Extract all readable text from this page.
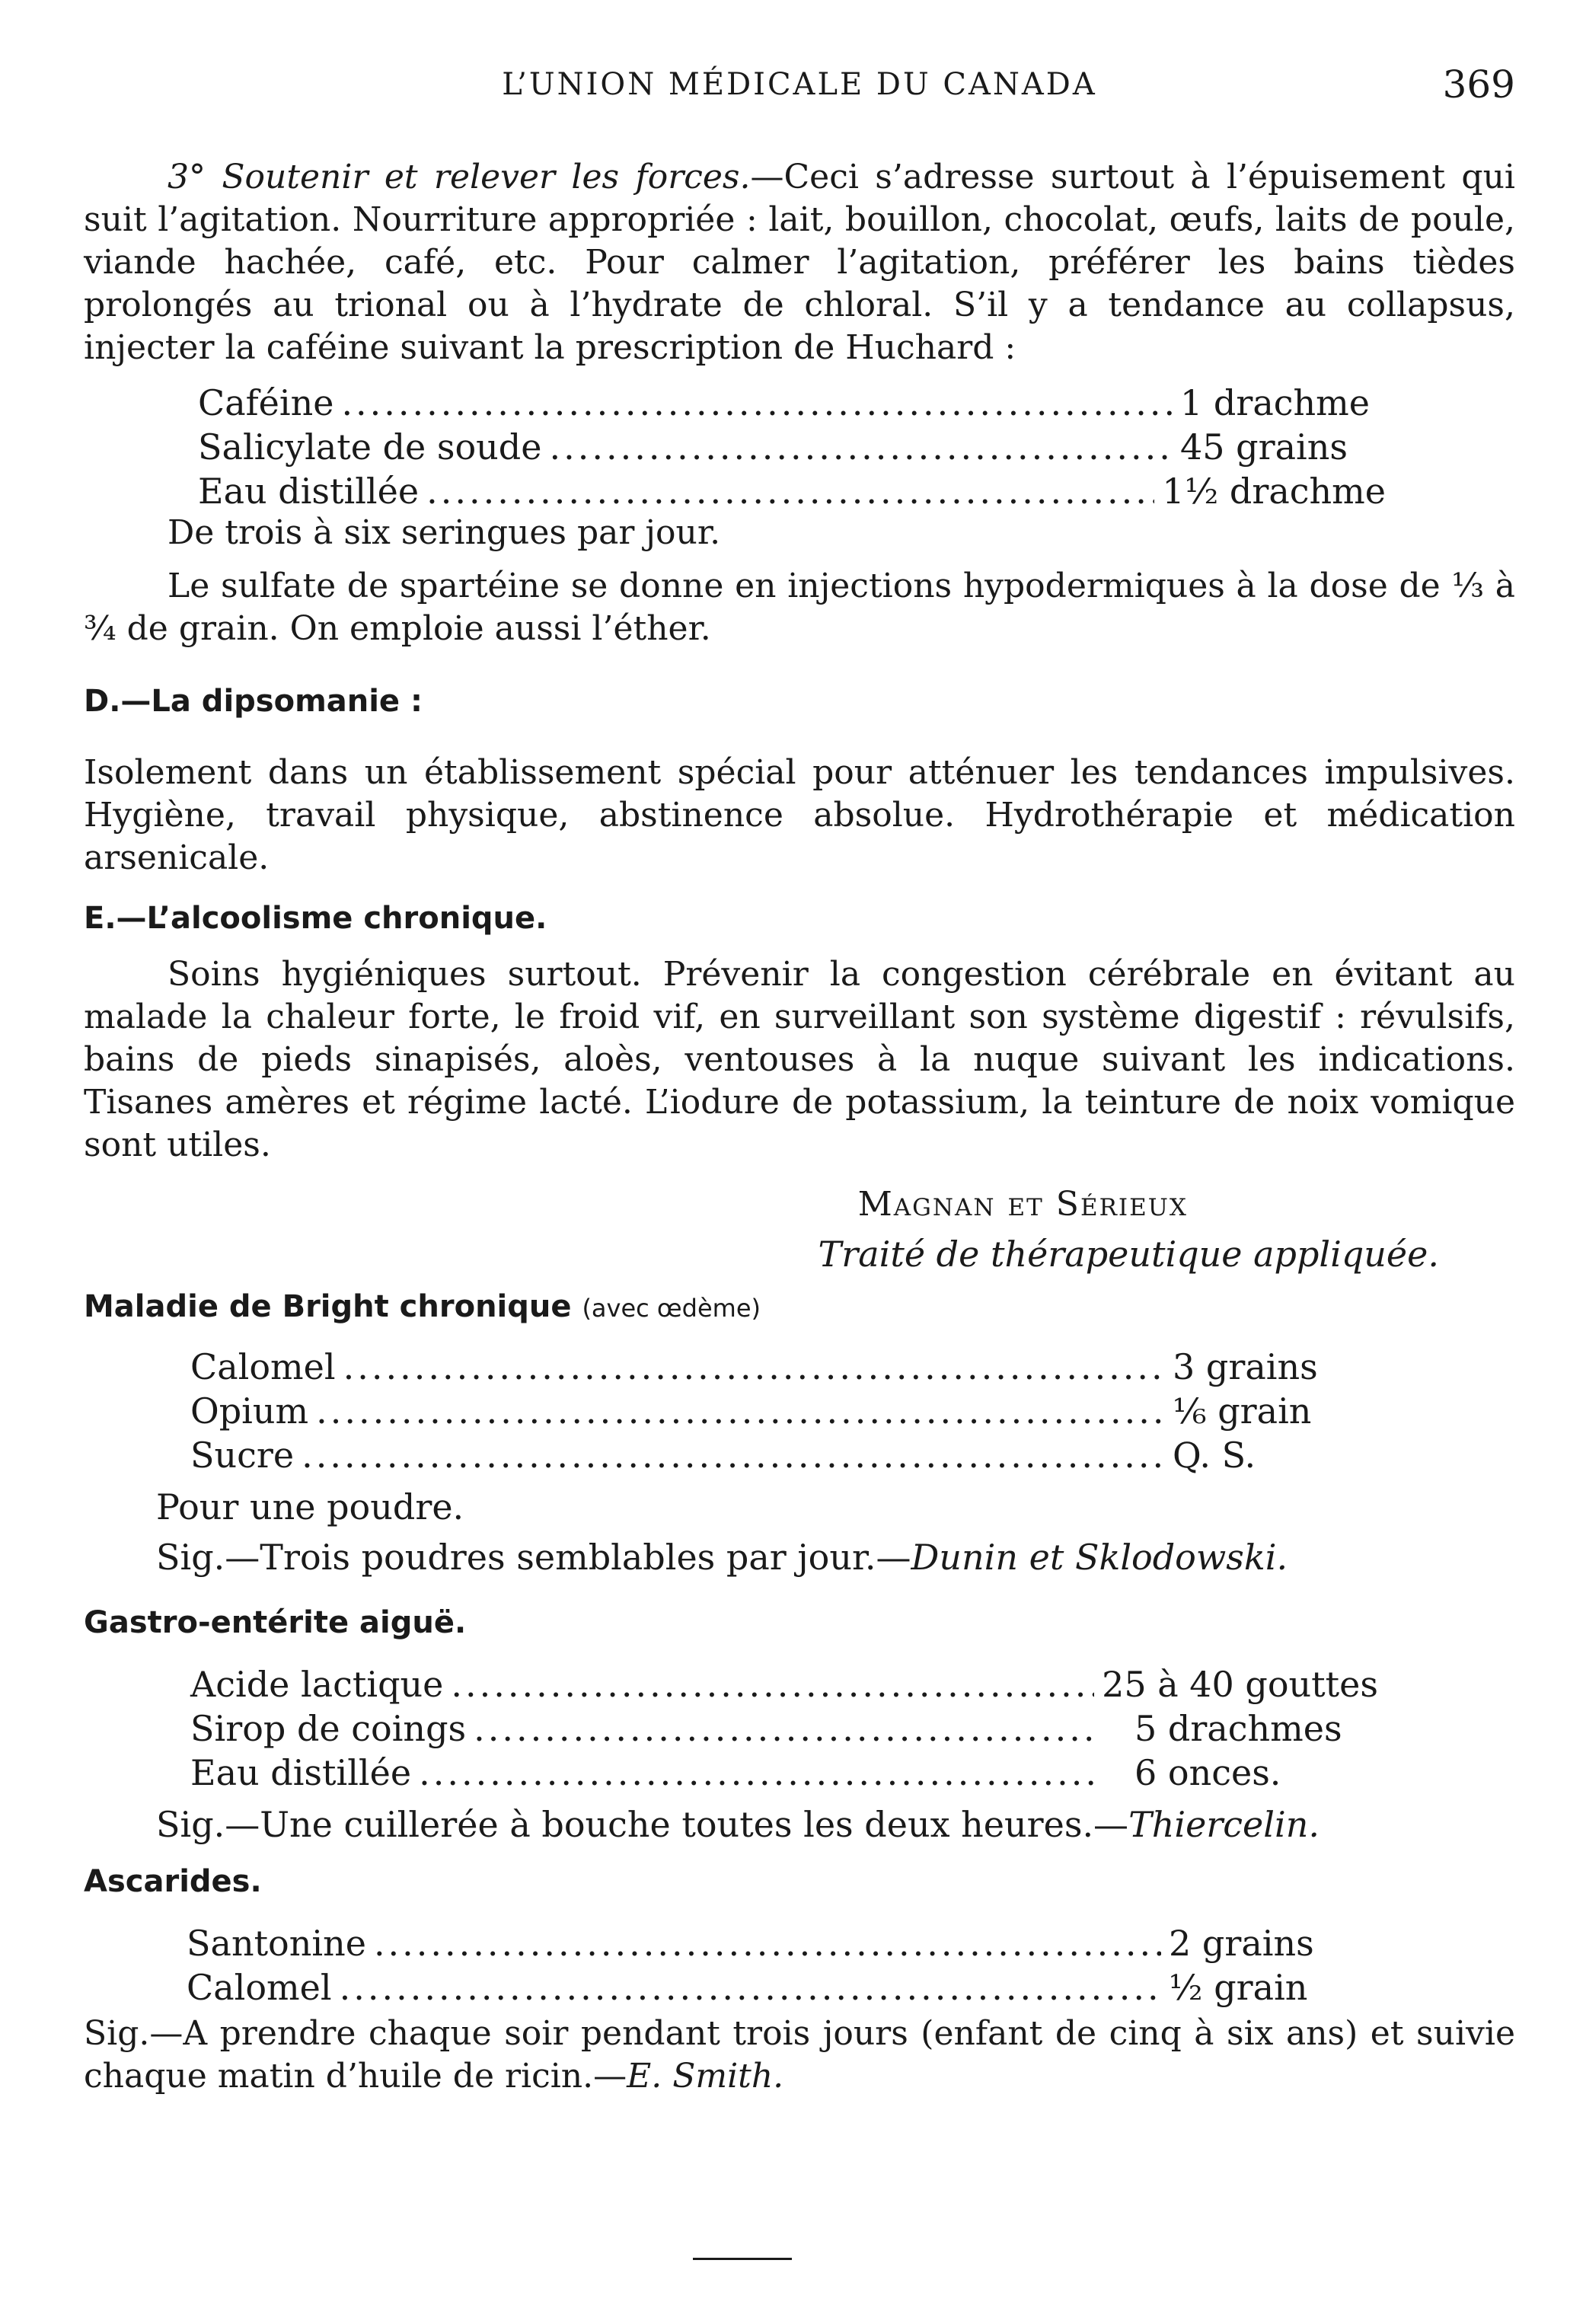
L’UNION MÉDICALE DU CANADA	369

3° Soutenir et relever les forces.—Ceci s’adresse surtout à l’épuisement qui suit l’agitation. Nourriture appropriée : lait, bouillon, chocolat, œufs, laits de poule, viande hachée, café, etc. Pour calmer l’agitation, préférer les bains tièdes prolongés au trional ou à l’hydrate de chloral. S’il y a tendance au collapsus, injecter la caféine suivant la prescription de Huchard :

Caféine .....	1 drachme
Salicylate de soude .....	45 grains
Eau distillée .....	1½ drachme

De trois à six seringues par jour.

Le sulfate de spartéine se donne en injections hypodermiques à la dose de ⅓ à ¾ de grain. On emploie aussi l’éther.

D.—La dipsomanie :

Isolement dans un établissement spécial pour atténuer les tendances impulsives. Hygiène, travail physique, abstinence absolue. Hydrothérapie et médication arsenicale.

E.—L’alcoolisme chronique.

Soins hygiéniques surtout. Prévenir la congestion cérébrale en évitant au malade la chaleur forte, le froid vif, en surveillant son système digestif : révulsifs, bains de pieds sinapisés, aloès, ventouses à la nuque suivant les indications. Tisanes amères et régime lacté. L’iodure de potassium, la teinture de noix vomique sont utiles.

Magnan et Sérieux
Traité de thérapeutique appliquée.
Maladie de Bright chronique (avec œdème)
Calomel .....	3 grains
Opium .....	⅙ grain
Sucre .....	Q. S.
Pour une poudre.
Sig.—Trois poudres semblables par jour.—Dunin et Sklodowski.
Gastro-entérite aiguë.
Acide lactique .....	25 à 40 gouttes
Sirop de coings .....	5 drachmes
Eau distillée .....	6 onces.
Sig.—Une cuillerée à bouche toutes les deux heures.—Thiercelin.
Ascarides.
Santonine .....	2 grains
Calomel .....	½ grain

Sig.—A prendre chaque soir pendant trois jours (enfant de cinq à six ans) et suivie chaque matin d’huile de ricin.—E. Smith.
